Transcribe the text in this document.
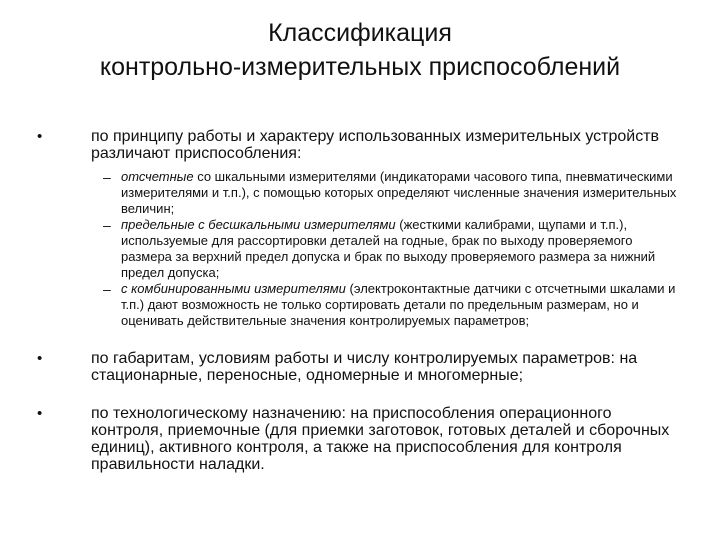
Классификация
контрольно-измерительных приспособлений
•	по принципу работы и характеру использованных измерительных устройств различают приспособления:

– отсчетные со шкальными измерителями (индикаторами часового типа, пневматическими измерителями и т.п.), с помощью которых определяют численные значения измерительных величин;

– предельные с бесшкальными измерителями (жесткими калибрами, щупами и т.п.), используемые для рассортировки деталей на годные, брак по выходу проверяемого размера за верхний предел допуска и брак по выходу проверяемого размера за нижний предел допуска;

– с комбинированными измерителями (электроконтактные датчики с отсчетными шкалами и т.п.) дают возможность не только сортировать детали по предельным размерам, но и оценивать действительные значения контролируемых параметров;

•	по габаритам, условиям работы и числу контролируемых параметров: на стационарные, переносные, одномерные и многомерные;

•	по технологическому назначению: на приспособления операционного контроля, приемочные (для приемки заготовок, готовых деталей и сборочных единиц), активного контроля, а также на приспособления для контроля правильности наладки.
